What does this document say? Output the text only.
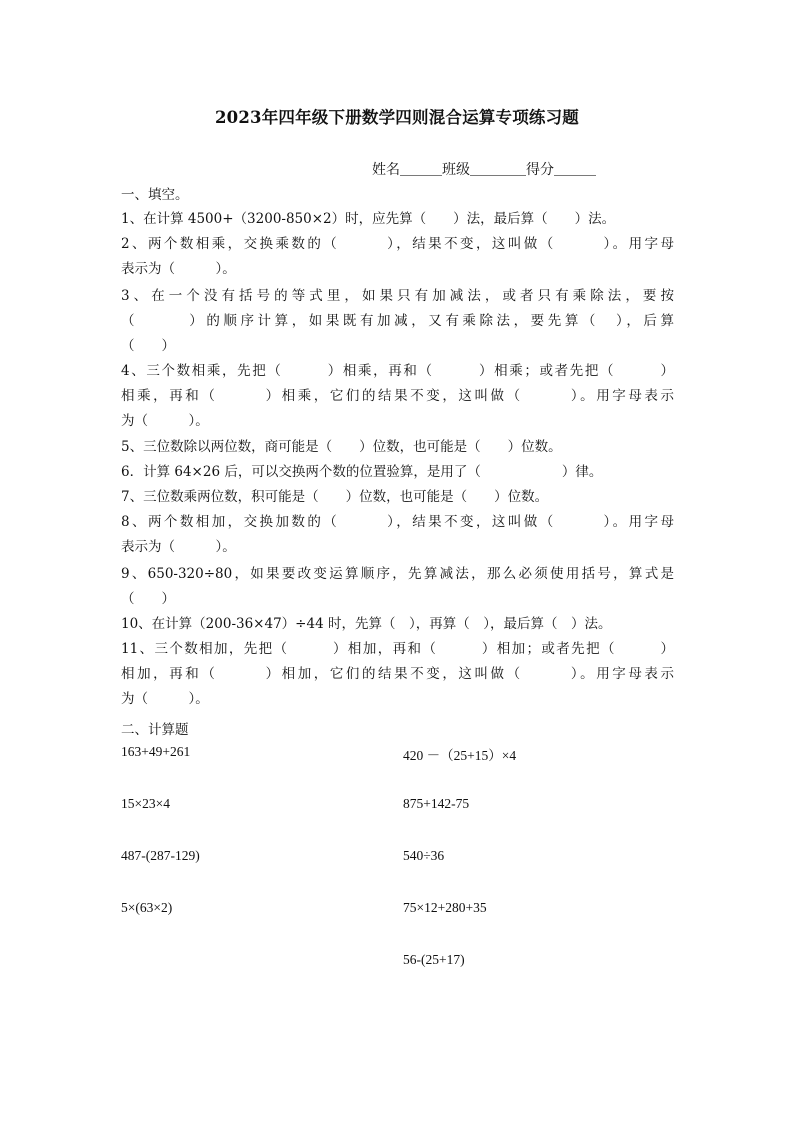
2023年四年级下册数学四则混合运算专项练习题
姓名＿＿＿班级＿＿＿＿得分＿＿＿
一、填空。
1、在计算 4500+（3200-850×2）时，应先算（　　）法，最后算（　　）法。
2、两个数相乘，交换乘数的（　　　），结果不变，这叫做（　　　）。用字母
表示为（　　　）。
3、在一个没有括号的等式里，如果只有加减法，或者只有乘除法，要按
（　　　）的顺序计算，如果既有加减，又有乘除法，要先算（　），后算
（　　）
4、三个数相乘，先把（　　　）相乘，再和（　　　）相乘；或者先把（　　　）
相乘，再和（　　　）相乘，它们的结果不变，这叫做（　　　）。用字母表示
为（　　　）。
5、三位数除以两位数，商可能是（　　）位数，也可能是（　　）位数。
6．计算 64×26 后，可以交换两个数的位置验算，是用了（　　　　　　）律。
7、三位数乘两位数，积可能是（　　）位数，也可能是（　　）位数。
8、两个数相加，交换加数的（　　　），结果不变，这叫做（　　　）。用字母
表示为（　　　）。
9、650-320÷80，如果要改变运算顺序，先算减法，那么必须使用括号，算式是
（　　）
10、在计算（200-36×47）÷44 时，先算（　），再算（　），最后算（　）法。
11、三个数相加，先把（　　　）相加，再和（　　　）相加；或者先把（　　　）
相加，再和（　　　）相加，它们的结果不变，这叫做（　　　）。用字母表示
为（　　　）。
二、计算题
163+49+261
15×23×4
487-(287-129)
5×(63×2)
420 －（25+15）×4
875+142-75
540÷36
75×12+280+35
56-(25+17)
